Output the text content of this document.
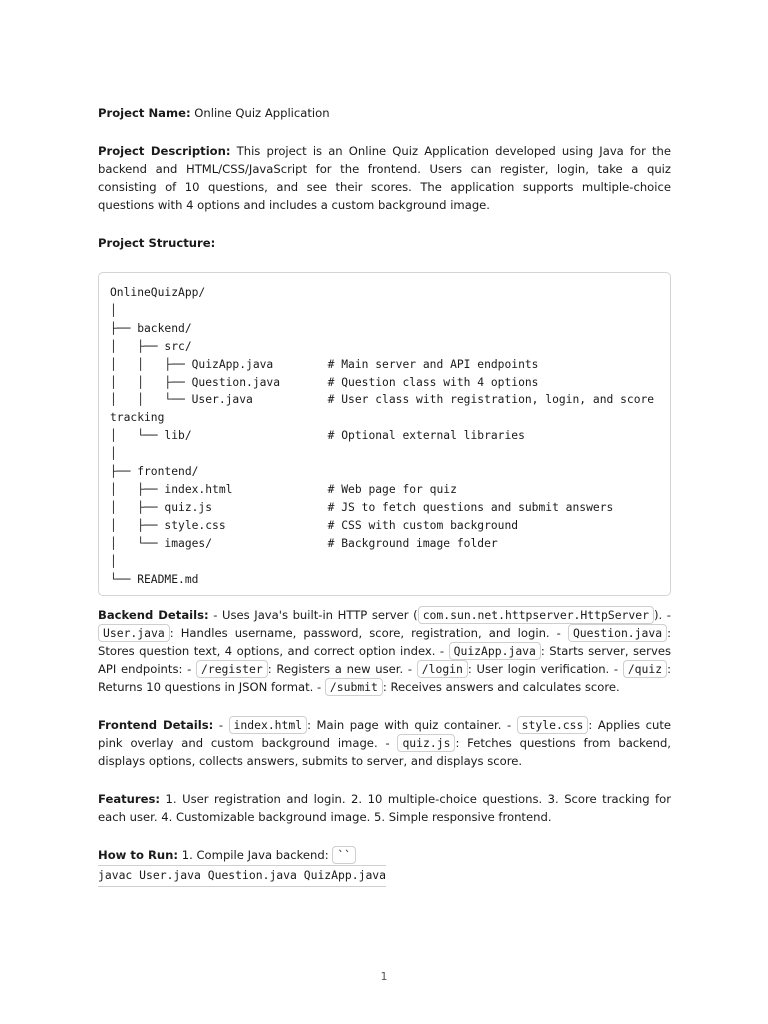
Project Name: Online Quiz Application

Project Description: This project is an Online Quiz Application developed using Java for the backend and HTML/CSS/JavaScript for the frontend. Users can register, login, take a quiz consisting of 10 questions, and see their scores. The application supports multiple-choice questions with 4 options and includes a custom background image.

Project Structure:

OnlineQuizApp/
│
├── backend/
│   ├── src/
│   │   ├── QuizApp.java        # Main server and API endpoints
│   │   ├── Question.java       # Question class with 4 options
│   │   └── User.java           # User class with registration, login, and score tracking
│   └── lib/                    # Optional external libraries
│
├── frontend/
│   ├── index.html              # Web page for quiz
│   ├── quiz.js                 # JS to fetch questions and submit answers
│   ├── style.css               # CSS with custom background
│   └── images/                 # Background image folder
│
└── README.md

Backend Details: - Uses Java's built-in HTTP server ( com.sun.net.httpserver.HttpServer ). - User.java : Handles username, password, score, registration, and login. - Question.java : Stores question text, 4 options, and correct option index. - QuizApp.java : Starts server, serves API endpoints: - /register : Registers a new user. - /login : User login verification. - /quiz : Returns 10 questions in JSON format. - /submit : Receives answers and calculates score.

Frontend Details: - index.html : Main page with quiz container. - style.css : Applies cute pink overlay and custom background image. - quiz.js : Fetches questions from backend, displays options, collects answers, submits to server, and displays score.

Features: 1. User registration and login. 2. 10 multiple-choice questions. 3. Score tracking for each user. 4. Customizable background image. 5. Simple responsive frontend.

How to Run: 1. Compile Java backend: ``
javac User.java Question.java QuizApp.java

1
